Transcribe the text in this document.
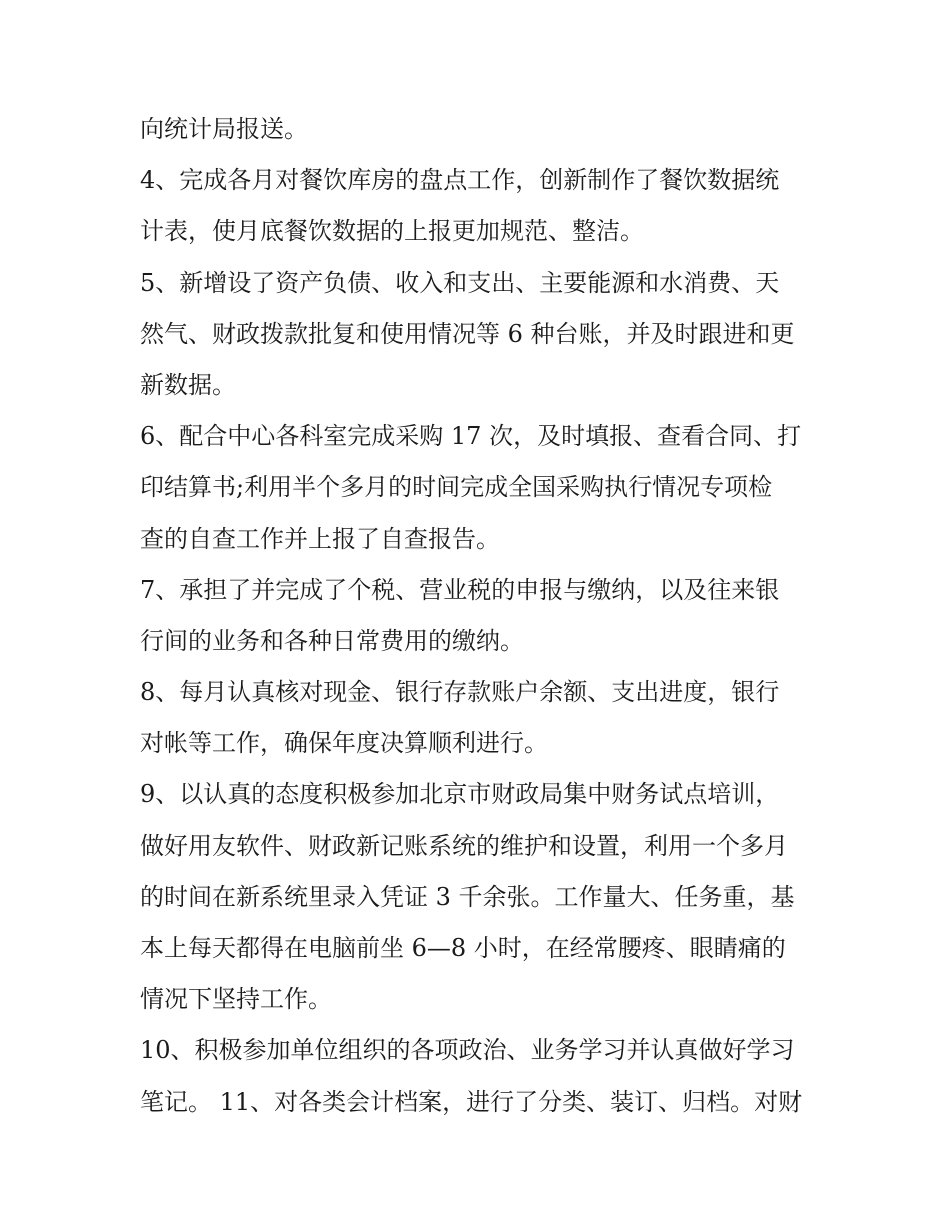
向统计局报送。
4、完成各月对餐饮库房的盘点工作，创新制作了餐饮数据统
计表，使月底餐饮数据的上报更加规范、整洁。
5、新增设了资产负债、收入和支出、主要能源和水消费、天
然气、财政拨款批复和使用情况等 6 种台账，并及时跟进和更
新数据。
6、配合中心各科室完成采购 17 次，及时填报、查看合同、打
印结算书;利用半个多月的时间完成全国采购执行情况专项检
查的自查工作并上报了自查报告。
7、承担了并完成了个税、营业税的申报与缴纳，以及往来银
行间的业务和各种日常费用的缴纳。
8、每月认真核对现金、银行存款账户余额、支出进度，银行
对帐等工作，确保年度决算顺利进行。
9、以认真的态度积极参加北京市财政局集中财务试点培训，
做好用友软件、财政新记账系统的维护和设置，利用一个多月
的时间在新系统里录入凭证 3 千余张。工作量大、任务重，基
本上每天都得在电脑前坐 6—8 小时，在经常腰疼、眼睛痛的
情况下坚持工作。
10、积极参加单位组织的各项政治、业务学习并认真做好学习
笔记。 11、对各类会计档案，进行了分类、装订、归档。对财
